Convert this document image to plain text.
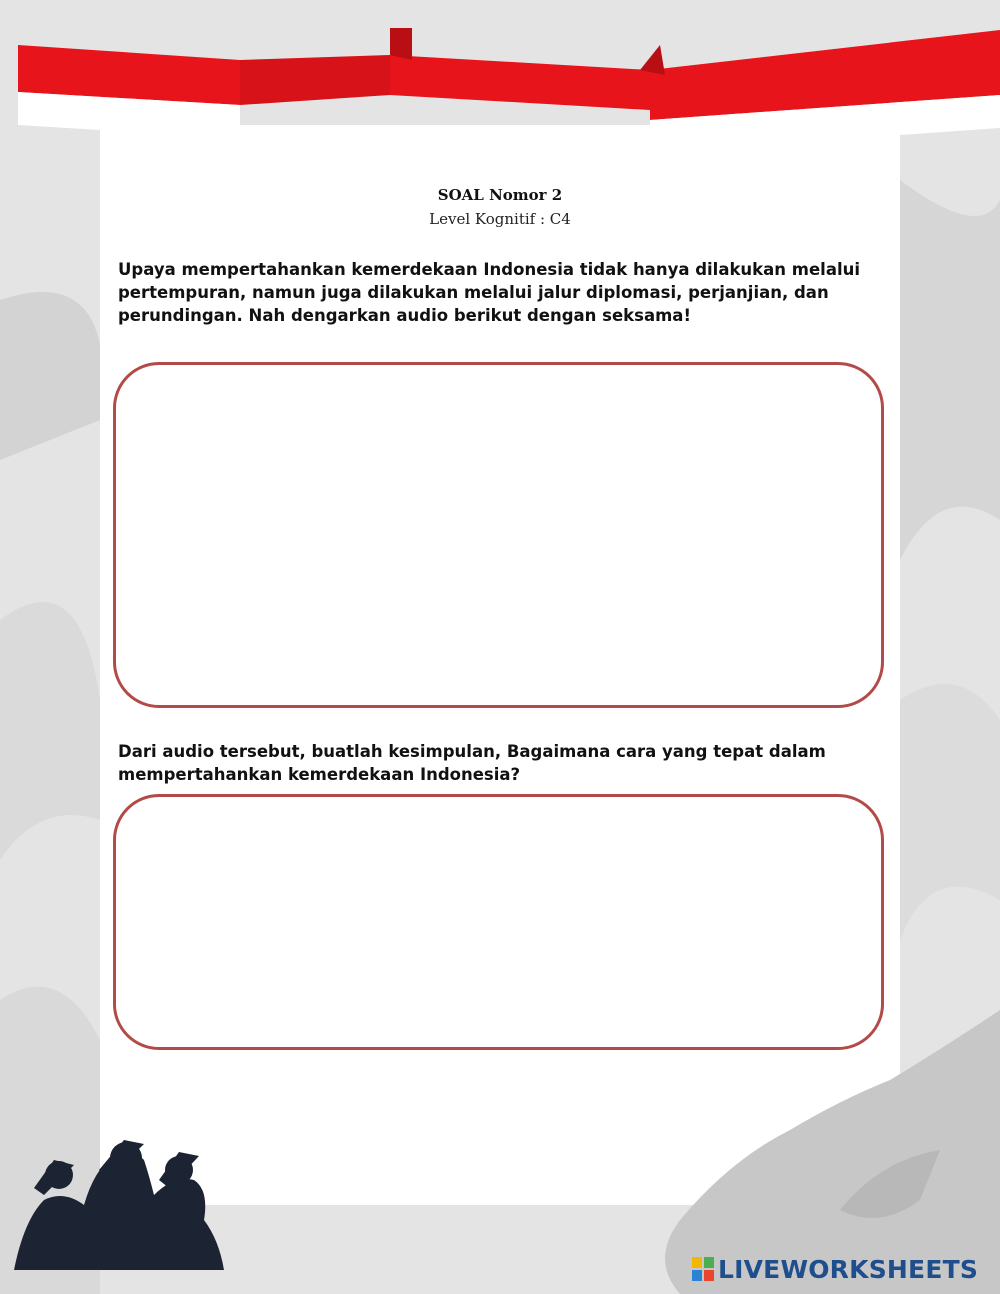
SOAL Nomor 2
Level Kognitif : C4

Upaya mempertahankan kemerdekaan Indonesia tidak hanya dilakukan melalui pertempuran, namun juga dilakukan melalui jalur diplomasi, perjanjian, dan perundingan. Nah dengarkan audio berikut dengan seksama!

Dari audio tersebut, buatlah kesimpulan, Bagaimana cara yang tepat dalam mempertahankan kemerdekaan Indonesia?

LIVEWORKSHEETS
